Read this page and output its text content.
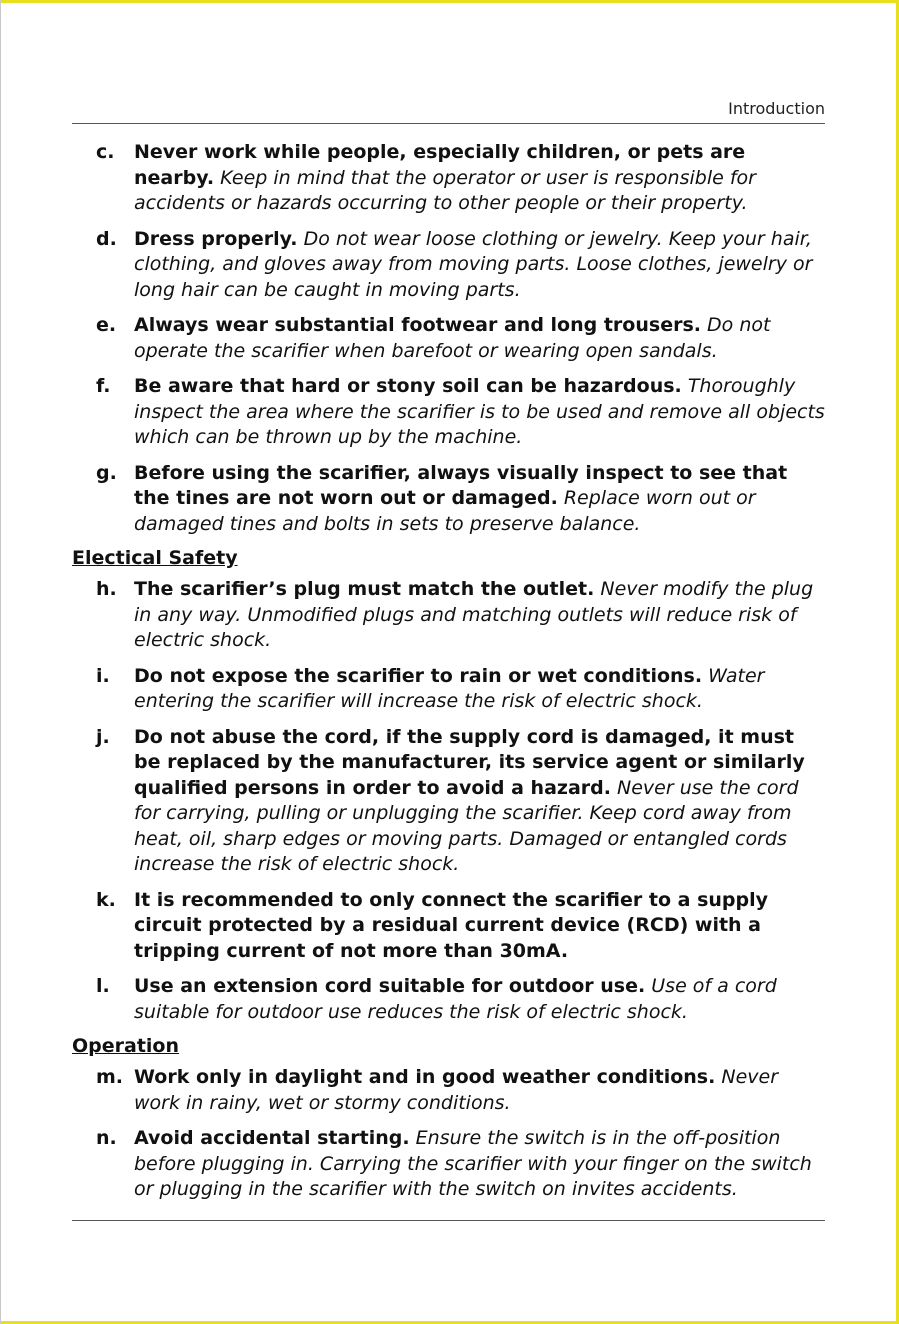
Introduction
c. Never work while people, especially children, or pets are nearby. Keep in mind that the operator or user is responsible for accidents or hazards occurring to other people or their property.
d. Dress properly. Do not wear loose clothing or jewelry. Keep your hair, clothing, and gloves away from moving parts. Loose clothes, jewelry or long hair can be caught in moving parts.
e. Always wear substantial footwear and long trousers. Do not operate the scarifier when barefoot or wearing open sandals.
f. Be aware that hard or stony soil can be hazardous. Thoroughly inspect the area where the scarifier is to be used and remove all objects which can be thrown up by the machine.
g. Before using the scarifier, always visually inspect to see that the tines are not worn out or damaged. Replace worn out or damaged tines and bolts in sets to preserve balance.
Electical Safety
h. The scarifier’s plug must match the outlet. Never modify the plug in any way. Unmodified plugs and matching outlets will reduce risk of electric shock.
i. Do not expose the scarifier to rain or wet conditions. Water entering the scarifier will increase the risk of electric shock.
j. Do not abuse the cord, if the supply cord is damaged, it must be replaced by the manufacturer, its service agent or similarly qualified persons in order to avoid a hazard. Never use the cord for carrying, pulling or unplugging the scarifier. Keep cord away from heat, oil, sharp edges or moving parts. Damaged or entangled cords increase the risk of electric shock.
k. It is recommended to only connect the scarifier to a supply circuit protected by a residual current device (RCD) with a tripping current of not more than 30mA.
l. Use an extension cord suitable for outdoor use. Use of a cord suitable for outdoor use reduces the risk of electric shock.
Operation
m. Work only in daylight and in good weather conditions. Never work in rainy, wet or stormy conditions.
n. Avoid accidental starting. Ensure the switch is in the off-position before plugging in. Carrying the scarifier with your finger on the switch or plugging in the scarifier with the switch on invites accidents.
